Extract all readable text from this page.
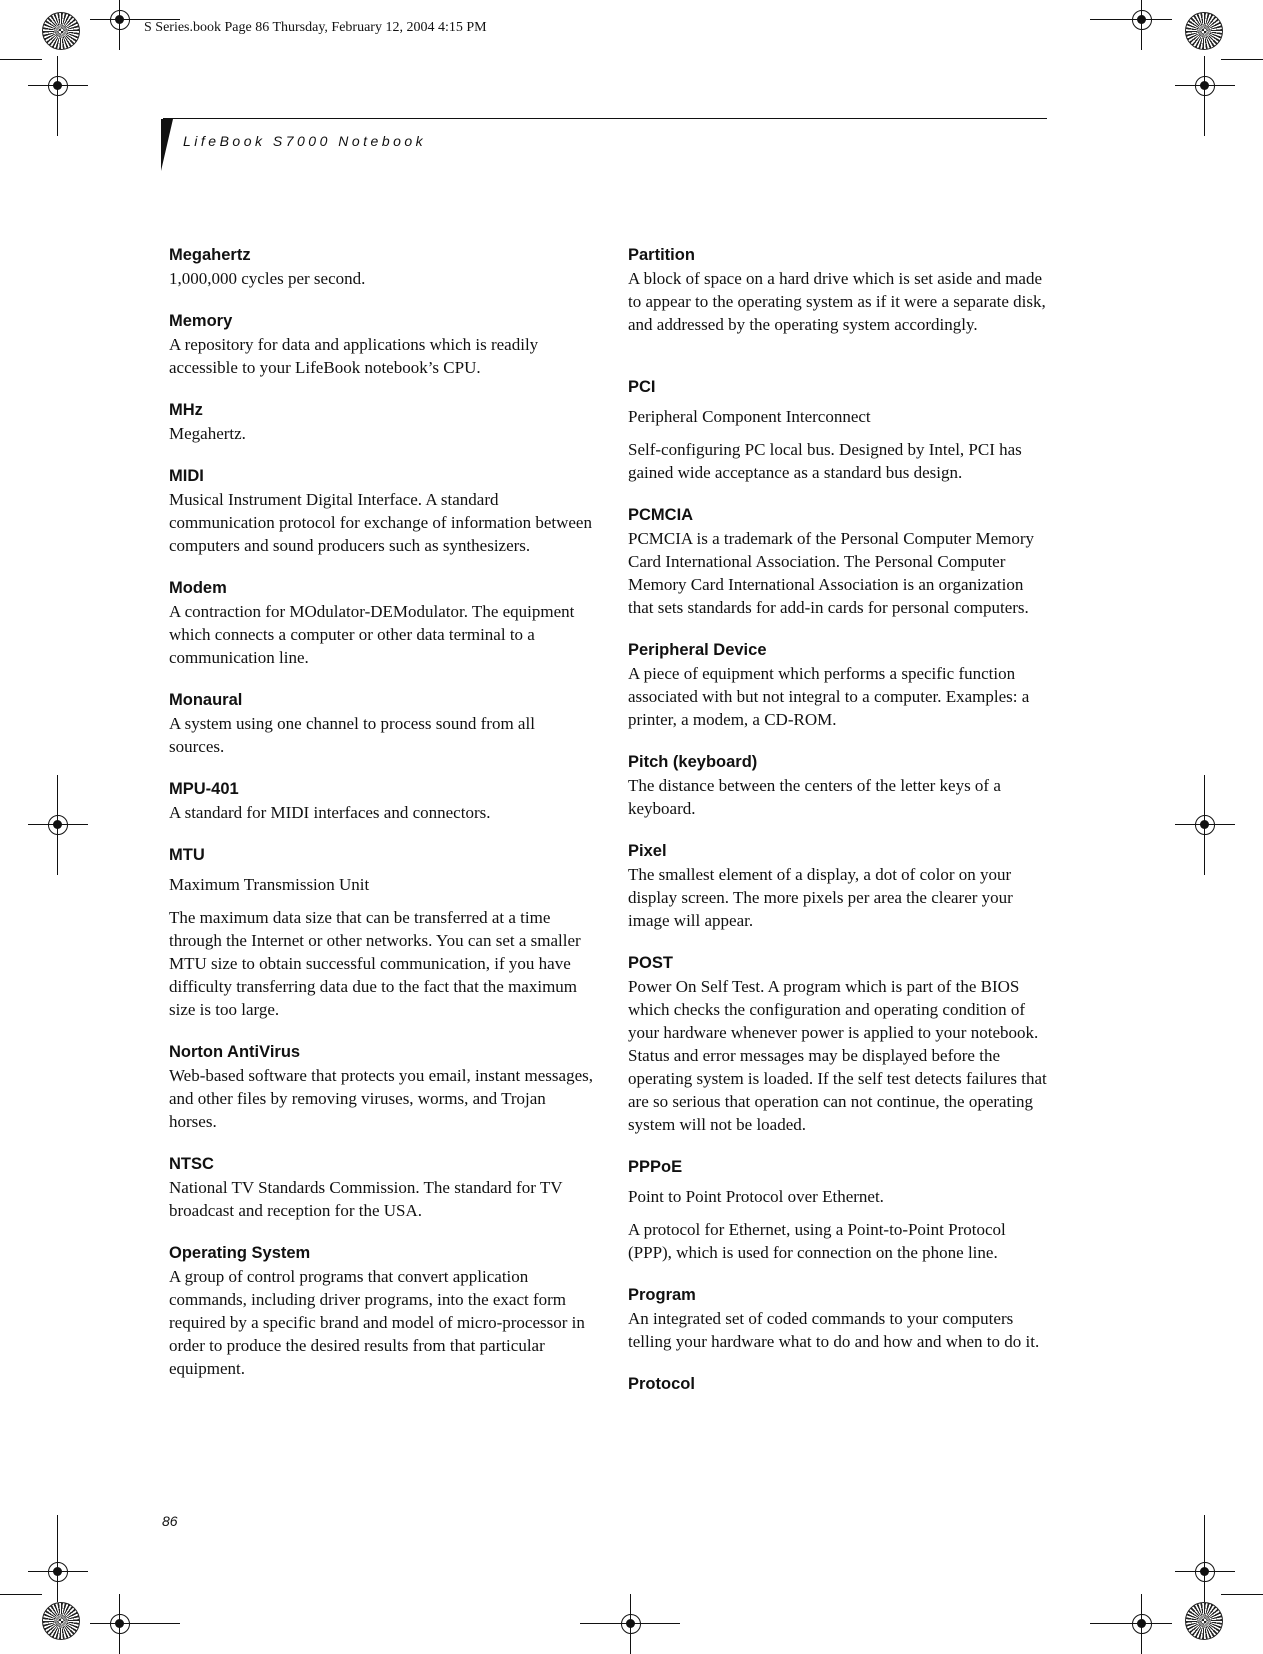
S Series.book Page 86 Thursday, February 12, 2004 4:15 PM
LifeBook S7000 Notebook
Megahertz

1,000,000 cycles per second.

Memory

A repository for data and applications which is readily accessible to your LifeBook notebook’s CPU.

MHz

Megahertz.

MIDI

Musical Instrument Digital Interface. A standard communication protocol for exchange of information between computers and sound producers such as synthesizers.

Modem

A contraction for MOdulator-DEModulator. The equipment which connects a computer or other data terminal to a communication line.

Monaural

A system using one channel to process sound from all sources.

MPU-401

A standard for MIDI interfaces and connectors.

MTU

Maximum Transmission Unit

The maximum data size that can be transferred at a time through the Internet or other networks. You can set a smaller MTU size to obtain successful communication, if you have difficulty transferring data due to the fact that the maximum size is too large.

Norton AntiVirus

Web-based software that protects you email, instant messages, and other files by removing viruses, worms, and Trojan horses.

NTSC

National TV Standards Commission. The standard for TV broadcast and reception for the USA.

Operating System

A group of control programs that convert application commands, including driver programs, into the exact form required by a specific brand and model of micro-processor in order to produce the desired results from that particular equipment.

Partition

A block of space on a hard drive which is set aside and made to appear to the operating system as if it were a separate disk, and addressed by the operating system accordingly.

PCI

Peripheral Component Interconnect

Self-configuring PC local bus. Designed by Intel, PCI has gained wide acceptance as a standard bus design.

PCMCIA

PCMCIA is a trademark of the Personal Computer Memory Card International Association. The Personal Computer Memory Card International Association is an organization that sets standards for add-in cards for personal computers.

Peripheral Device

A piece of equipment which performs a specific function associated with but not integral to a computer. Examples: a printer, a modem, a CD-ROM.

Pitch (keyboard)

The distance between the centers of the letter keys of a keyboard.

Pixel

The smallest element of a display, a dot of color on your display screen. The more pixels per area the clearer your image will appear.

POST

Power On Self Test. A program which is part of the BIOS which checks the configuration and operating condition of your hardware whenever power is applied to your notebook. Status and error messages may be displayed before the operating system is loaded. If the self test detects failures that are so serious that operation can not continue, the operating system will not be loaded.

PPPoE

Point to Point Protocol over Ethernet.

A protocol for Ethernet, using a Point-to-Point Protocol (PPP), which is used for connection on the phone line.

Program

An integrated set of coded commands to your computers telling your hardware what to do and how and when to do it.

Protocol
86
